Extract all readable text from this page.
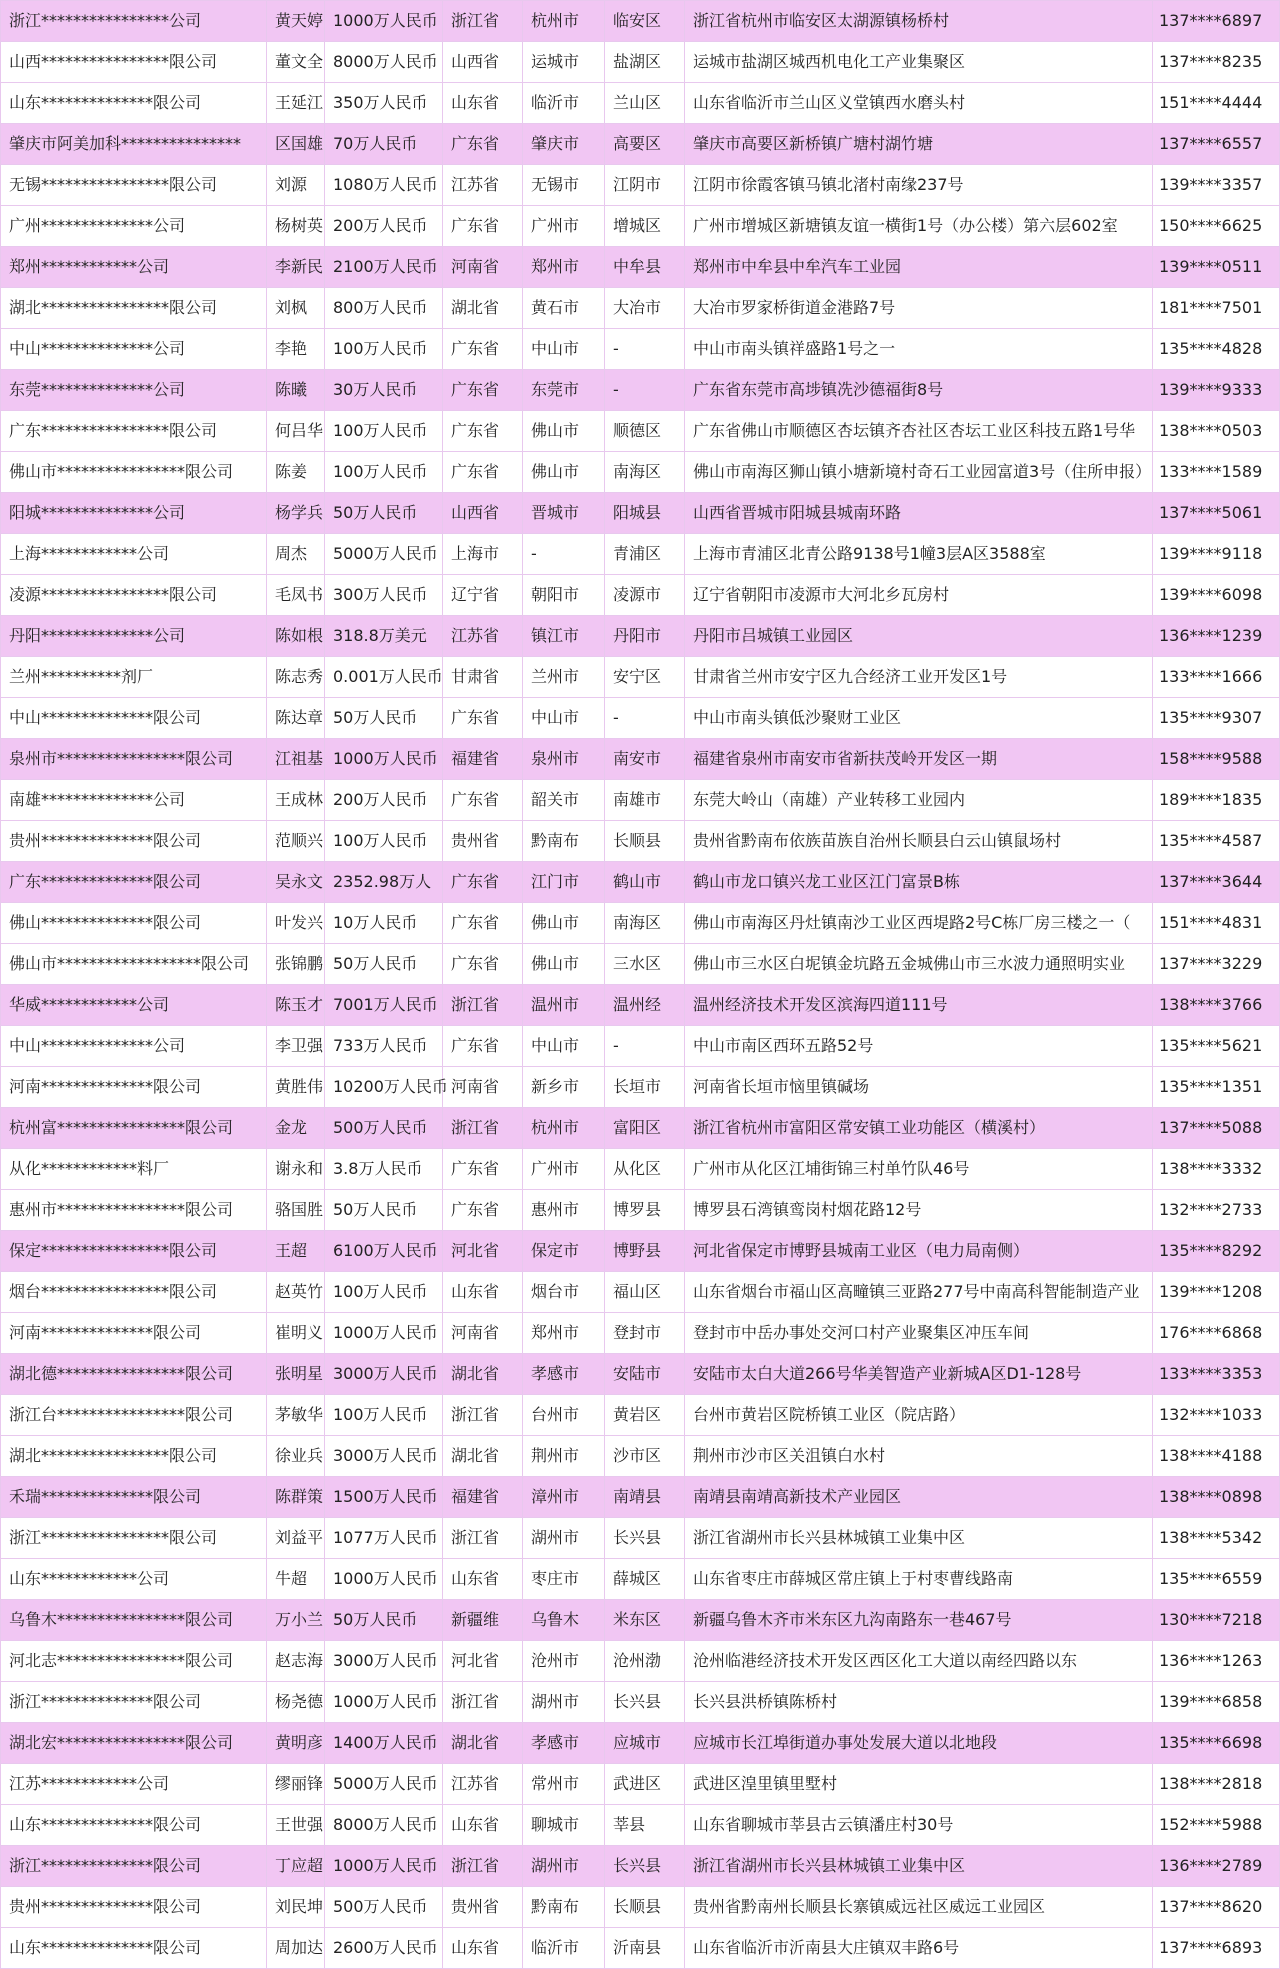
浙江****************公司	黄天婷	1000万人民币	浙江省	杭州市	临安区	浙江省杭州市临安区太湖源镇杨桥村	137****6897
山西****************限公司	董文全	8000万人民币	山西省	运城市	盐湖区	运城市盐湖区城西机电化工产业集聚区	137****8235
山东**************限公司	王延江	350万人民币	山东省	临沂市	兰山区	山东省临沂市兰山区义堂镇西水磨头村	151****4444
肇庆市阿美加科***************	区国雄	70万人民币	广东省	肇庆市	高要区	肇庆市高要区新桥镇广塘村湖竹塘	137****6557
无锡****************限公司	刘源	1080万人民币	江苏省	无锡市	江阴市	江阴市徐霞客镇马镇北渚村南缘237号	139****3357
广州**************公司	杨树英	200万人民币	广东省	广州市	增城区	广州市增城区新塘镇友谊一横街1号（办公楼）第六层602室	150****6625
郑州************公司	李新民	2100万人民币	河南省	郑州市	中牟县	郑州市中牟县中牟汽车工业园	139****0511
湖北****************限公司	刘枫	800万人民币	湖北省	黄石市	大冶市	大冶市罗家桥街道金港路7号	181****7501
中山**************公司	李艳	100万人民币	广东省	中山市	-	中山市南头镇祥盛路1号之一	135****4828
东莞**************公司	陈曦	30万人民币	广东省	东莞市	-	广东省东莞市高埗镇冼沙德福街8号	139****9333
广东****************限公司	何吕华	100万人民币	广东省	佛山市	顺德区	广东省佛山市顺德区杏坛镇齐杏社区杏坛工业区科技五路1号华	138****0503
佛山市****************限公司	陈姜	100万人民币	广东省	佛山市	南海区	佛山市南海区狮山镇小塘新境村奇石工业园富道3号（住所申报）	133****1589
阳城**************公司	杨学兵	50万人民币	山西省	晋城市	阳城县	山西省晋城市阳城县城南环路	137****5061
上海************公司	周杰	5000万人民币	上海市	-	青浦区	上海市青浦区北青公路9138号1幢3层A区3588室	139****9118
凌源****************限公司	毛凤书	300万人民币	辽宁省	朝阳市	凌源市	辽宁省朝阳市凌源市大河北乡瓦房村	139****6098
丹阳**************公司	陈如根	318.8万美元	江苏省	镇江市	丹阳市	丹阳市吕城镇工业园区	136****1239
兰州**********剂厂	陈志秀	0.001万人民币	甘肃省	兰州市	安宁区	甘肃省兰州市安宁区九合经济工业开发区1号	133****1666
中山**************限公司	陈达章	50万人民币	广东省	中山市	-	中山市南头镇低沙聚财工业区	135****9307
泉州市****************限公司	江祖基	1000万人民币	福建省	泉州市	南安市	福建省泉州市南安市省新扶茂岭开发区一期	158****9588
南雄**************公司	王成林	200万人民币	广东省	韶关市	南雄市	东莞大岭山（南雄）产业转移工业园内	189****1835
贵州**************限公司	范顺兴	100万人民币	贵州省	黔南布	长顺县	贵州省黔南布依族苗族自治州长顺县白云山镇鼠场村	135****4587
广东**************限公司	吴永文	2352.98万人	广东省	江门市	鹤山市	鹤山市龙口镇兴龙工业区江门富景B栋	137****3644
佛山**************限公司	叶发兴	10万人民币	广东省	佛山市	南海区	佛山市南海区丹灶镇南沙工业区西堤路2号C栋厂房三楼之一（	151****4831
佛山市******************限公司	张锦鹏	50万人民币	广东省	佛山市	三水区	佛山市三水区白坭镇金坑路五金城佛山市三水波力通照明实业	137****3229
华威************公司	陈玉才	7001万人民币	浙江省	温州市	温州经	温州经济技术开发区滨海四道111号	138****3766
中山**************公司	李卫强	733万人民币	广东省	中山市	-	中山市南区西环五路52号	135****5621
河南**************限公司	黄胜伟	10200万人民币	河南省	新乡市	长垣市	河南省长垣市恼里镇碱场	135****1351
杭州富****************限公司	金龙	500万人民币	浙江省	杭州市	富阳区	浙江省杭州市富阳区常安镇工业功能区（横溪村）	137****5088
从化************料厂	谢永和	3.8万人民币	广东省	广州市	从化区	广州市从化区江埔街锦三村单竹队46号	138****3332
惠州市****************限公司	骆国胜	50万人民币	广东省	惠州市	博罗县	博罗县石湾镇鸾岗村烟花路12号	132****2733
保定****************限公司	王超	6100万人民币	河北省	保定市	博野县	河北省保定市博野县城南工业区（电力局南侧）	135****8292
烟台****************限公司	赵英竹	100万人民币	山东省	烟台市	福山区	山东省烟台市福山区高疃镇三亚路277号中南高科智能制造产业	139****1208
河南**************限公司	崔明义	1000万人民币	河南省	郑州市	登封市	登封市中岳办事处交河口村产业聚集区冲压车间	176****6868
湖北德****************限公司	张明星	3000万人民币	湖北省	孝感市	安陆市	安陆市太白大道266号华美智造产业新城A区D1-128号	133****3353
浙江台****************限公司	茅敏华	100万人民币	浙江省	台州市	黄岩区	台州市黄岩区院桥镇工业区（院店路）	132****1033
湖北****************限公司	徐业兵	3000万人民币	湖北省	荆州市	沙市区	荆州市沙市区关沮镇白水村	138****4188
禾瑞**************限公司	陈群策	1500万人民币	福建省	漳州市	南靖县	南靖县南靖高新技术产业园区	138****0898
浙江****************限公司	刘益平	1077万人民币	浙江省	湖州市	长兴县	浙江省湖州市长兴县林城镇工业集中区	138****5342
山东************公司	牛超	1000万人民币	山东省	枣庄市	薛城区	山东省枣庄市薛城区常庄镇上于村枣曹线路南	135****6559
乌鲁木****************限公司	万小兰	50万人民币	新疆维	乌鲁木	米东区	新疆乌鲁木齐市米东区九沟南路东一巷467号	130****7218
河北志****************限公司	赵志海	3000万人民币	河北省	沧州市	沧州渤	沧州临港经济技术开发区西区化工大道以南经四路以东	136****1263
浙江**************限公司	杨尧德	1000万人民币	浙江省	湖州市	长兴县	长兴县洪桥镇陈桥村	139****6858
湖北宏****************限公司	黄明彦	1400万人民币	湖北省	孝感市	应城市	应城市长江埠街道办事处发展大道以北地段	135****6698
江苏************公司	缪丽锋	5000万人民币	江苏省	常州市	武进区	武进区湟里镇里墅村	138****2818
山东**************限公司	王世强	8000万人民币	山东省	聊城市	莘县	山东省聊城市莘县古云镇潘庄村30号	152****5988
浙江**************限公司	丁应超	1000万人民币	浙江省	湖州市	长兴县	浙江省湖州市长兴县林城镇工业集中区	136****2789
贵州**************限公司	刘民坤	500万人民币	贵州省	黔南布	长顺县	贵州省黔南州长顺县长寨镇威远社区威远工业园区	137****8620
山东**************限公司	周加达	2600万人民币	山东省	临沂市	沂南县	山东省临沂市沂南县大庄镇双丰路6号	137****6893
